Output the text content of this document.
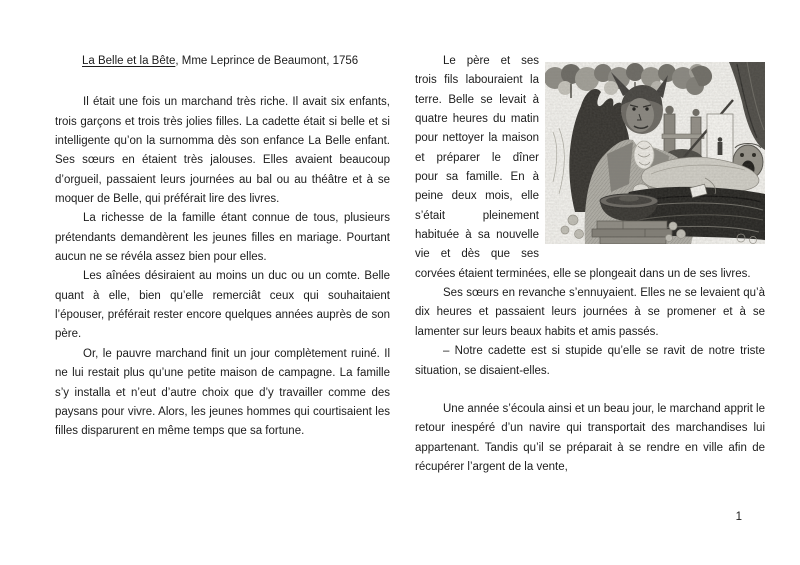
La Belle et la Bête, Mme Leprince de Beaumont, 1756

Il était une fois un marchand très riche. Il avait six enfants, trois garçons et trois très jolies filles. La cadette était si belle et si intelligente qu’on la surnomma dès son enfance La Belle enfant. Ses sœurs en étaient très jalouses. Elles avaient beaucoup d’orgueil, passaient leurs journées au bal ou au théâtre et à se moquer de Belle, qui préférait lire des livres.

La richesse de la famille étant connue de tous, plusieurs prétendants demandèrent les jeunes filles en mariage. Pourtant aucun ne se révéla assez bien pour elles.

Les aînées désiraient au moins un duc ou un comte. Belle quant à elle, bien qu’elle remerciât ceux qui souhaitaient l’épouser, préférait rester encore quelques années auprès de son père.

Or, le pauvre marchand finit un jour complètement ruiné. Il ne lui restait plus qu’une petite maison de campagne. La famille s’y installa et n’eut d’autre choix que d’y travailler comme des paysans pour vivre. Alors, les jeunes hommes qui courtisaient les filles disparurent en même temps que sa fortune.

Le père et ses trois fils labouraient la terre. Belle se levait à quatre heures du matin pour nettoyer la maison et préparer le dîner pour sa famille. En à peine deux mois, elle s’était pleinement habituée à sa nouvelle vie et dès que ses corvées étaient terminées, elle se plongeait dans un de ses livres.

Ses sœurs en revanche s’ennuyaient. Elles ne se levaient qu’à dix heures et passaient leurs journées à se promener et à se lamenter sur leurs beaux habits et amis passés.

– Notre cadette est si stupide qu’elle se ravit de notre triste situation, se disaient-elles.

Une année s’écoula ainsi et un beau jour, le marchand apprit le retour inespéré d’un navire qui transportait des marchandises lui appartenant. Tandis qu’il se préparait à se rendre en ville afin de récupérer l’argent de la vente,

1
